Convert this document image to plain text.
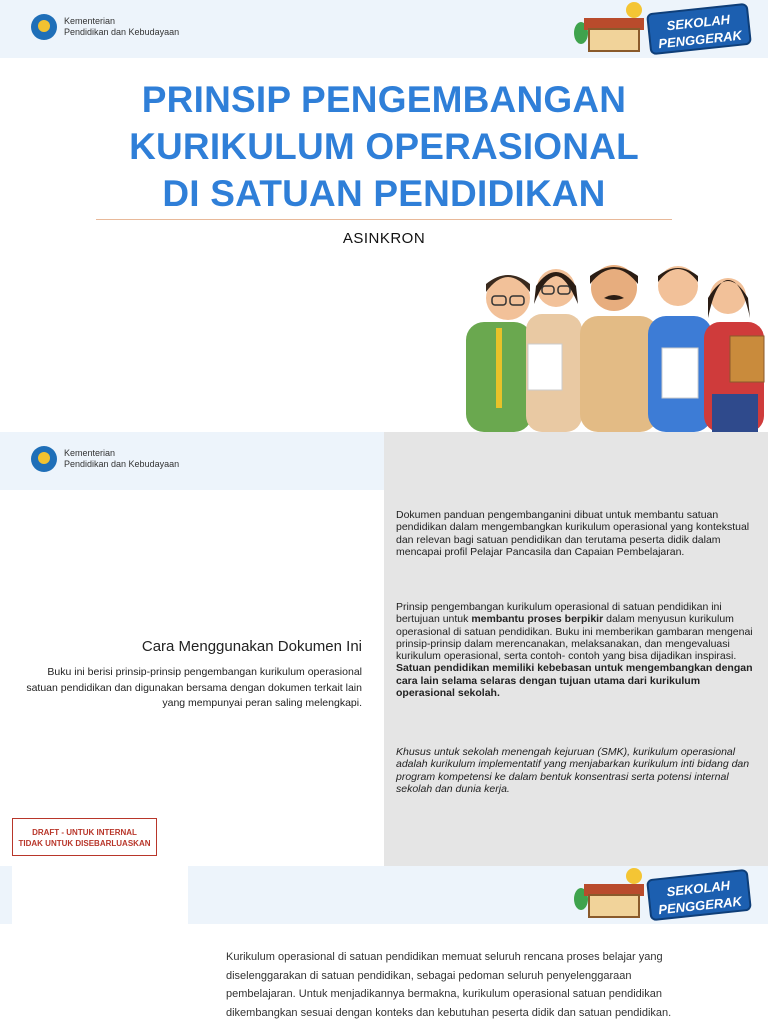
Kementerian
Pendidikan dan Kebudayaan	SEKOLAH
PENGGERAK
PRINSIP PENGEMBANGAN
KURIKULUM OPERASIONAL
DI SATUAN PENDIDIKAN
ASINKRON
Kementerian
Pendidikan dan Kebudayaan
Cara Menggunakan Dokumen Ini
Buku ini berisi prinsip-prinsip pengembangan kurikulum operasional satuan pendidikan dan digunakan bersama dengan dokumen terkait lain yang mempunyai peran saling melengkapi.
DRAFT - UNTUK INTERNAL
TIDAK UNTUK DISEBARLUASKAN

Dokumen panduan pengembanganini dibuat untuk membantu satuan pendidikan dalam mengembangkan kurikulum operasional yang kontekstual dan relevan bagi satuan pendidikan dan terutama peserta didik dalam mencapai profil Pelajar Pancasila dan Capaian Pembelajaran.

Prinsip pengembangan kurikulum operasional di satuan pendidikan ini bertujuan untuk membantu proses berpikir dalam menyusun kurikulum operasional di satuan pendidikan. Buku ini memberikan gambaran mengenai prinsip-prinsip dalam merencanakan, melaksanakan, dan mengevaluasi kurikulum operasional, serta contoh- contoh yang bisa dijadikan inspirasi. Satuan pendidikan memiliki kebebasan untuk mengembangkan dengan cara lain selama selaras dengan tujuan utama dari kurikulum operasional sekolah.

Khusus untuk sekolah menengah kejuruan (SMK), kurikulum operasional adalah kurikulum implementatif yang menjabarkan kurikulum inti bidang dan program kompetensi ke dalam bentuk konsentrasi serta potensi internal sekolah dan dunia kerja.

SEKOLAH
PENGGERAK
Kurikulum operasional di satuan pendidikan memuat seluruh rencana proses belajar yang diselenggarakan di satuan pendidikan, sebagai pedoman seluruh penyelenggaraan pembelajaran. Untuk menjadikannya bermakna, kurikulum operasional satuan pendidikan dikembangkan sesuai dengan konteks dan kebutuhan peserta didik dan satuan pendidikan.
